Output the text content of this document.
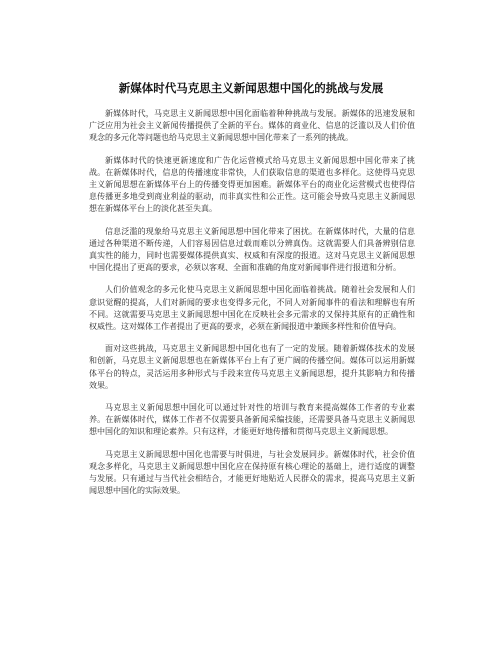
新媒体时代马克思主义新闻思想中国化的挑战与发展

新媒体时代，马克思主义新闻思想中国化面临着种种挑战与发展。新媒体的迅速发展和广泛应用为社会主义新闻传播提供了全新的平台。媒体的商业化、信息的泛滥以及人们价值观念的多元化等问题也给马克思主义新闻思想中国化带来了一系列的挑战。

新媒体时代的快速更新速度和广告化运营模式给马克思主义新闻思想中国化带来了挑战。在新媒体时代，信息的传播速度非常快，人们获取信息的渠道也多样化。这使得马克思主义新闻思想在新媒体平台上的传播变得更加困难。新媒体平台的商业化运营模式也使得信息传播更多地受到商业利益的驱动，而非真实性和公正性。这可能会导致马克思主义新闻思想在新媒体平台上的淡化甚至失真。

信息泛滥的现象给马克思主义新闻思想中国化带来了困扰。在新媒体时代，大量的信息通过各种渠道不断传递，人们容易因信息过载而难以分辨真伪。这就需要人们具备辨别信息真实性的能力，同时也需要媒体提供真实、权威和有深度的报道。这对马克思主义新闻思想中国化提出了更高的要求，必须以客观、全面和准确的角度对新闻事件进行报道和分析。

人们价值观念的多元化使马克思主义新闻思想中国化面临着挑战。随着社会发展和人们意识觉醒的提高，人们对新闻的要求也变得多元化，不同人对新闻事件的看法和理解也有所不同。这就需要马克思主义新闻思想中国化在反映社会多元需求的又保持其原有的正确性和权威性。这对媒体工作者提出了更高的要求，必须在新闻报道中兼顾多样性和价值导向。

面对这些挑战，马克思主义新闻思想中国化也有了一定的发展。随着新媒体技术的发展和创新，马克思主义新闻思想也在新媒体平台上有了更广阔的传播空间。媒体可以运用新媒体平台的特点，灵活运用多种形式与手段来宣传马克思主义新闻思想，提升其影响力和传播效果。

马克思主义新闻思想中国化可以通过针对性的培训与教育来提高媒体工作者的专业素养。在新媒体时代，媒体工作者不仅需要具备新闻采编技能，还需要具备马克思主义新闻思想中国化的知识和理论素养。只有这样，才能更好地传播和贯彻马克思主义新闻思想。

马克思主义新闻思想中国化也需要与时俱进，与社会发展同步。新媒体时代，社会价值观念多样化，马克思主义新闻思想中国化应在保持原有核心理论的基础上，进行适度的调整与发展。只有通过与当代社会相结合，才能更好地贴近人民群众的需求，提高马克思主义新闻思想中国化的实际效果。
